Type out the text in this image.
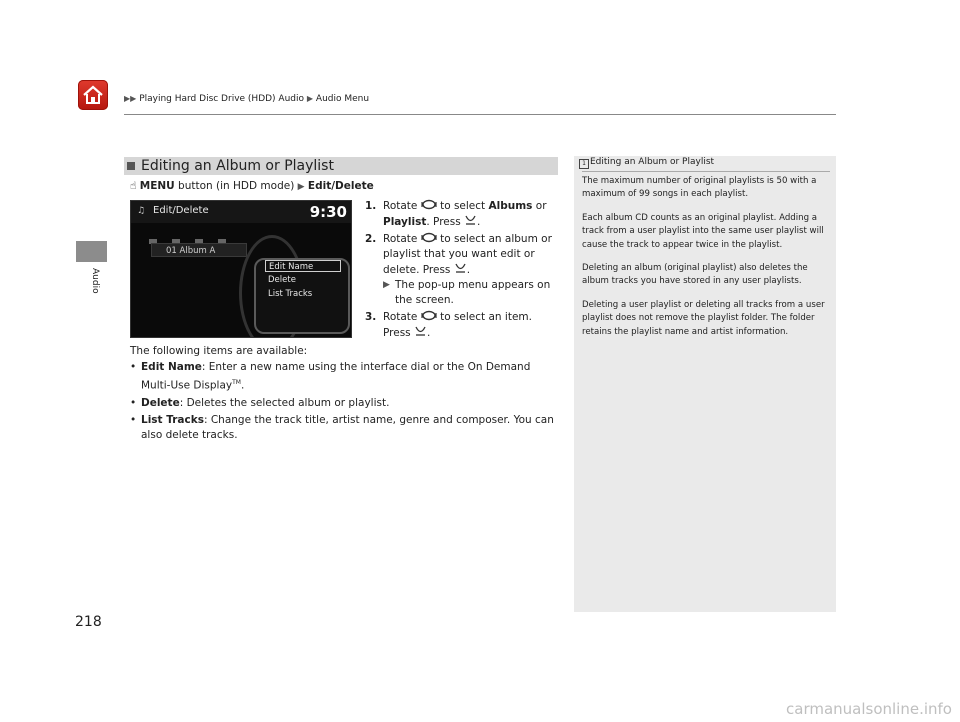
▶▶ Playing Hard Disc Drive (HDD) Audio ▶ Audio Menu
Audio
218
Editing an Album or Playlist
☝ MENU button (in HDD mode) ▶ Edit/Delete
♫ Edit/Delete	9:30
01 Album A
Edit Name
Delete
List Tracks
1. Rotate to select Albums or Playlist. Press .
2. Rotate to select an album or playlist that you want edit or delete. Press .
▶ The pop-up menu appears on the screen.
3. Rotate to select an item. Press .
The following items are available:
• Edit Name: Enter a new name using the interface dial or the On Demand Multi-Use Display™.
• Delete: Deletes the selected album or playlist.
• List Tracks: Change the track title, artist name, genre and composer. You can also delete tracks.
1 Editing an Album or Playlist

The maximum number of original playlists is 50 with a maximum of 99 songs in each playlist.

Each album CD counts as an original playlist. Adding a track from a user playlist into the same user playlist will cause the track to appear twice in the playlist.

Deleting an album (original playlist) also deletes the album tracks you have stored in any user playlists.

Deleting a user playlist or deleting all tracks from a user playlist does not remove the playlist folder. The folder retains the playlist name and artist information.

carmanualsonline.info
